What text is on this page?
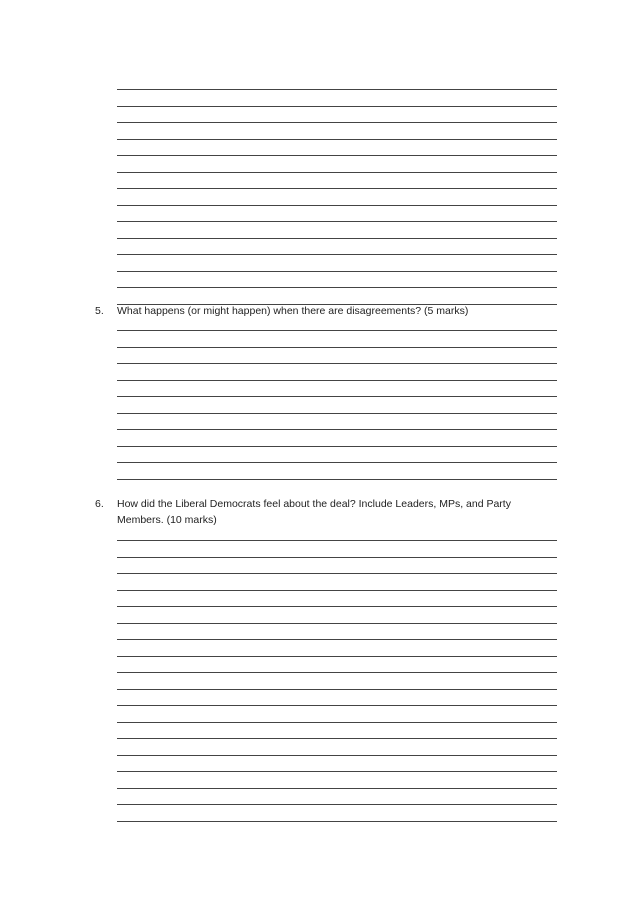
5. What happens (or might happen) when there are disagreements? (5 marks)
6. How did the Liberal Democrats feel about the deal? Include Leaders, MPs, and Party Members. (10 marks)
